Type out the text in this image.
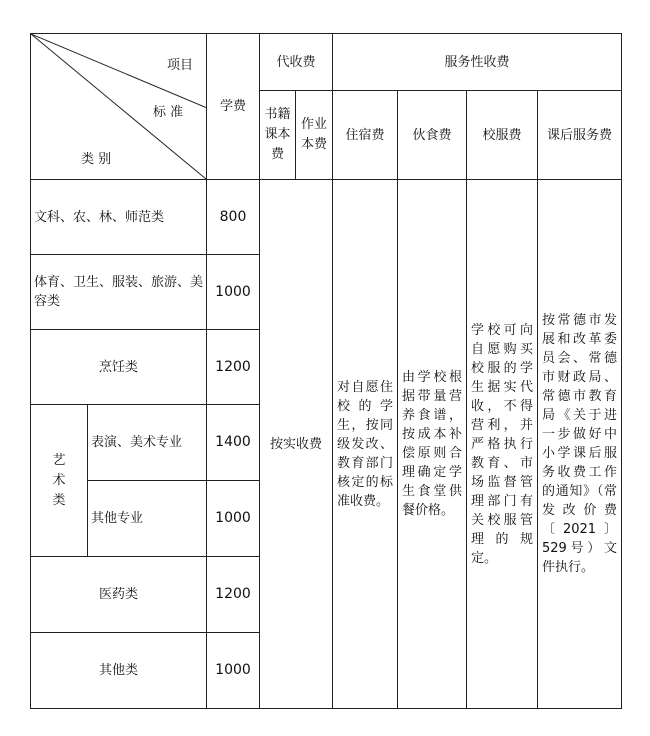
项目
标 准
类 别		学费	代收费		服务性收费			

			书籍课本费	作业本费	住宿费	伙食费	校服费	课后服务费
文科、农、林、师范类		800	按实收费		对自愿住校的学生，按同级发改、教育部门核定的标准收费。	由学校根据带量营养食谱，按成本补偿原则合理确定学生食堂供餐价格。	学校可向自愿购买校服的学生据实代收，不得营利，并严格执行教育、市场监督管理部门有关校服管理的规定。	按常德市发展和改革委员会、常德市财政局、常德市教育局《关于进一步做好中小学课后服务收费工作的通知》（常发改价费〔2021〕529号）文件执行。
体育、卫生、服装、旅游、美容类		1000						
烹饪类		1200						

艺术类	表演、美术专业	1400						
	其他专业	1000						
医药类		1200						
其他类		1000						
